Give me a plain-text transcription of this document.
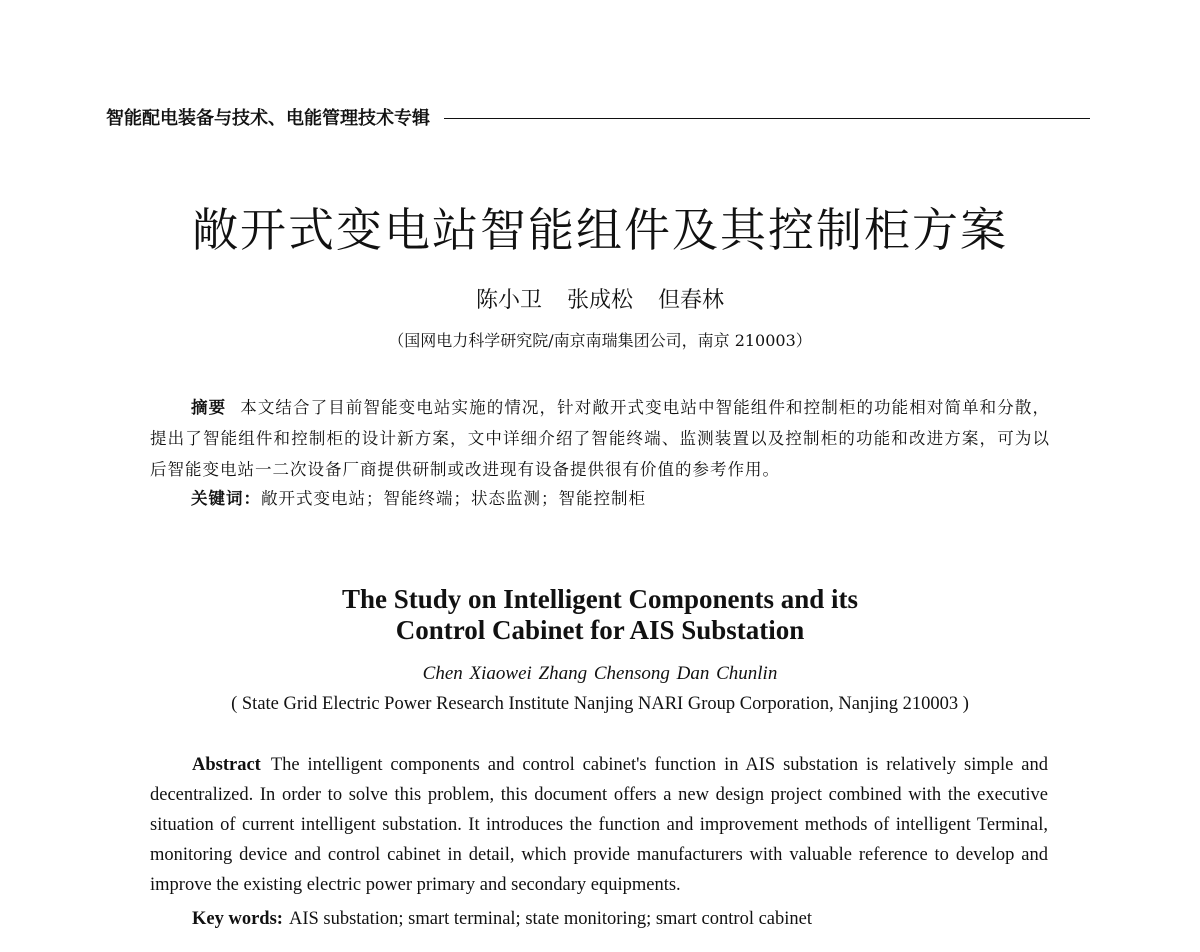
智能配电装备与技术、电能管理技术专辑
敞开式变电站智能组件及其控制柜方案
陈小卫 张成松 但春林
（国网电力科学研究院/南京南瑞集团公司，南京 210003）

摘要 本文结合了目前智能变电站实施的情况，针对敞开式变电站中智能组件和控制柜的功能相对简单和分散，提出了智能组件和控制柜的设计新方案，文中详细介绍了智能终端、监测装置以及控制柜的功能和改进方案，可为以后智能变电站一二次设备厂商提供研制或改进现有设备提供很有价值的参考作用。

关键词：敞开式变电站；智能终端；状态监测；智能控制柜

The Study on Intelligent Components and its
Control Cabinet for AIS Substation
Chen Xiaowei Zhang Chensong Dan Chunlin
( State Grid Electric Power Research Institute Nanjing NARI Group Corporation, Nanjing 210003 )

Abstract The intelligent components and control cabinet's function in AIS substation is relatively simple and decentralized. In order to solve this problem, this document offers a new design project combined with the executive situation of current intelligent substation. It introduces the function and improvement methods of intelligent Terminal, monitoring device and control cabinet in detail, which provide manufacturers with valuable reference to develop and improve the existing electric power primary and secondary equipments.

Key words: AIS substation; smart terminal; state monitoring; smart control cabinet
